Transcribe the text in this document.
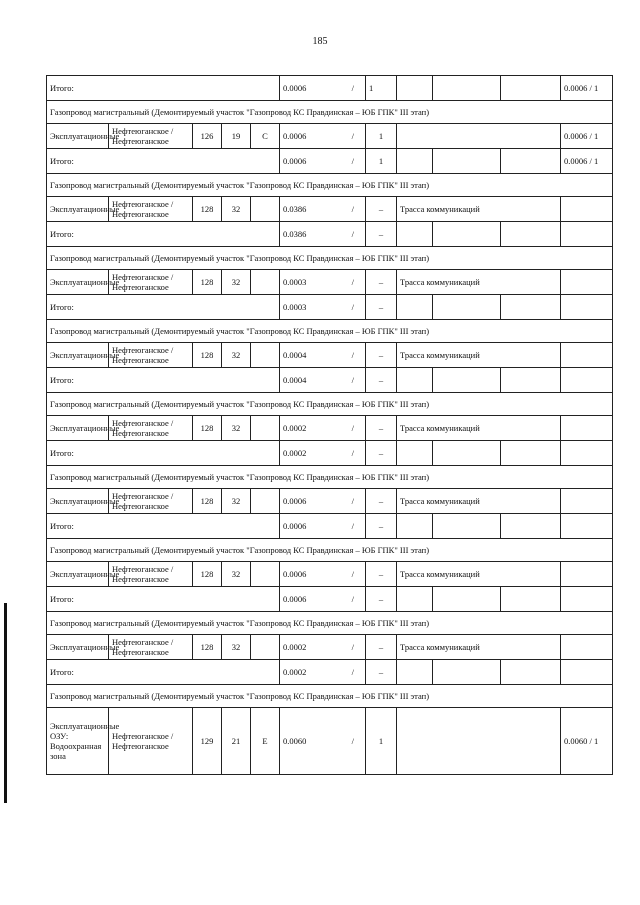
185
Итого:					0.0006 /	1				0.0006 / 1
Газопровод магистральный (Демонтируемый участок "Газопровод КС Правдинская – ЮБ ГПК" III этап)										
Эксплуатационные	Нефтеюганское / Нефтеюганское	126	19	С	0.0006 /	1				0.0006 / 1
Итого:					0.0006 /	1				0.0006 / 1
Газопровод магистральный (Демонтируемый участок "Газопровод КС Правдинская – ЮБ ГПК" III этап)										
Эксплуатационные	Нефтеюганское / Нефтеюганское	128	32		0.0386 /	–	Трасса коммуникаций			
Итого:					0.0386 /	–				
Газопровод магистральный (Демонтируемый участок "Газопровод КС Правдинская – ЮБ ГПК" III этап)										
Эксплуатационные	Нефтеюганское / Нефтеюганское	128	32		0.0003 /	–	Трасса коммуникаций			
Итого:					0.0003 /	–				
Газопровод магистральный (Демонтируемый участок "Газопровод КС Правдинская – ЮБ ГПК" III этап)										
Эксплуатационные	Нефтеюганское / Нефтеюганское	128	32		0.0004 /	–	Трасса коммуникаций			
Итого:					0.0004 /	–				
Газопровод магистральный (Демонтируемый участок "Газопровод КС Правдинская – ЮБ ГПК" III этап)										
Эксплуатационные	Нефтеюганское / Нефтеюганское	128	32		0.0002 /	–	Трасса коммуникаций			
Итого:					0.0002 /	–				
Газопровод магистральный (Демонтируемый участок "Газопровод КС Правдинская – ЮБ ГПК" III этап)										
Эксплуатационные	Нефтеюганское / Нефтеюганское	128	32		0.0006 /	–	Трасса коммуникаций			
Итого:					0.0006 /	–				
Газопровод магистральный (Демонтируемый участок "Газопровод КС Правдинская – ЮБ ГПК" III этап)										
Эксплуатационные	Нефтеюганское / Нефтеюганское	128	32		0.0006 /	–	Трасса коммуникаций			
Итого:					0.0006 /	–				
Газопровод магистральный (Демонтируемый участок "Газопровод КС Правдинская – ЮБ ГПК" III этап)										
Эксплуатационные	Нефтеюганское / Нефтеюганское	128	32		0.0002 /	–	Трасса коммуникаций			
Итого:					0.0002 /	–				
Газопровод магистральный (Демонтируемый участок "Газопровод КС Правдинская – ЮБ ГПК" III этап)										
Эксплуатационные ОЗУ: Водоохранная зона	Нефтеюганское / Нефтеюганское	129	21	Е	0.0060 /	1				0.0060 / 1
